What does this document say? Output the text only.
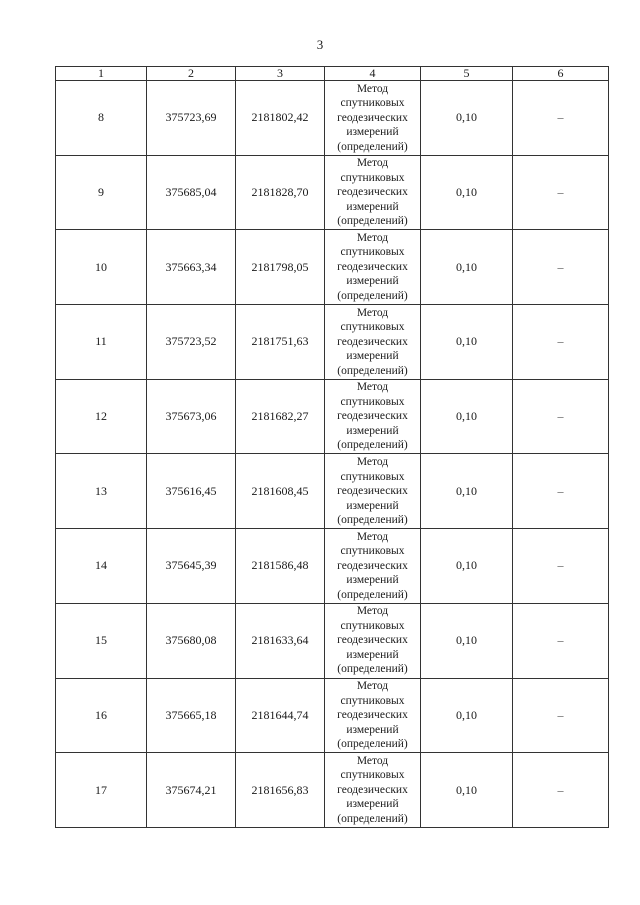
3
1	2	3	4	5	6
8	375723,69	2181802,42	Метод
спутниковых
геодезических
измерений
(определений)	0,10	–
9	375685,04	2181828,70	Метод
спутниковых
геодезических
измерений
(определений)	0,10	–
10	375663,34	2181798,05	Метод
спутниковых
геодезических
измерений
(определений)	0,10	–
11	375723,52	2181751,63	Метод
спутниковых
геодезических
измерений
(определений)	0,10	–
12	375673,06	2181682,27	Метод
спутниковых
геодезических
измерений
(определений)	0,10	–
13	375616,45	2181608,45	Метод
спутниковых
геодезических
измерений
(определений)	0,10	–
14	375645,39	2181586,48	Метод
спутниковых
геодезических
измерений
(определений)	0,10	–
15	375680,08	2181633,64	Метод
спутниковых
геодезических
измерений
(определений)	0,10	–
16	375665,18	2181644,74	Метод
спутниковых
геодезических
измерений
(определений)	0,10	–
17	375674,21	2181656,83	Метод
спутниковых
геодезических
измерений
(определений)	0,10	–
